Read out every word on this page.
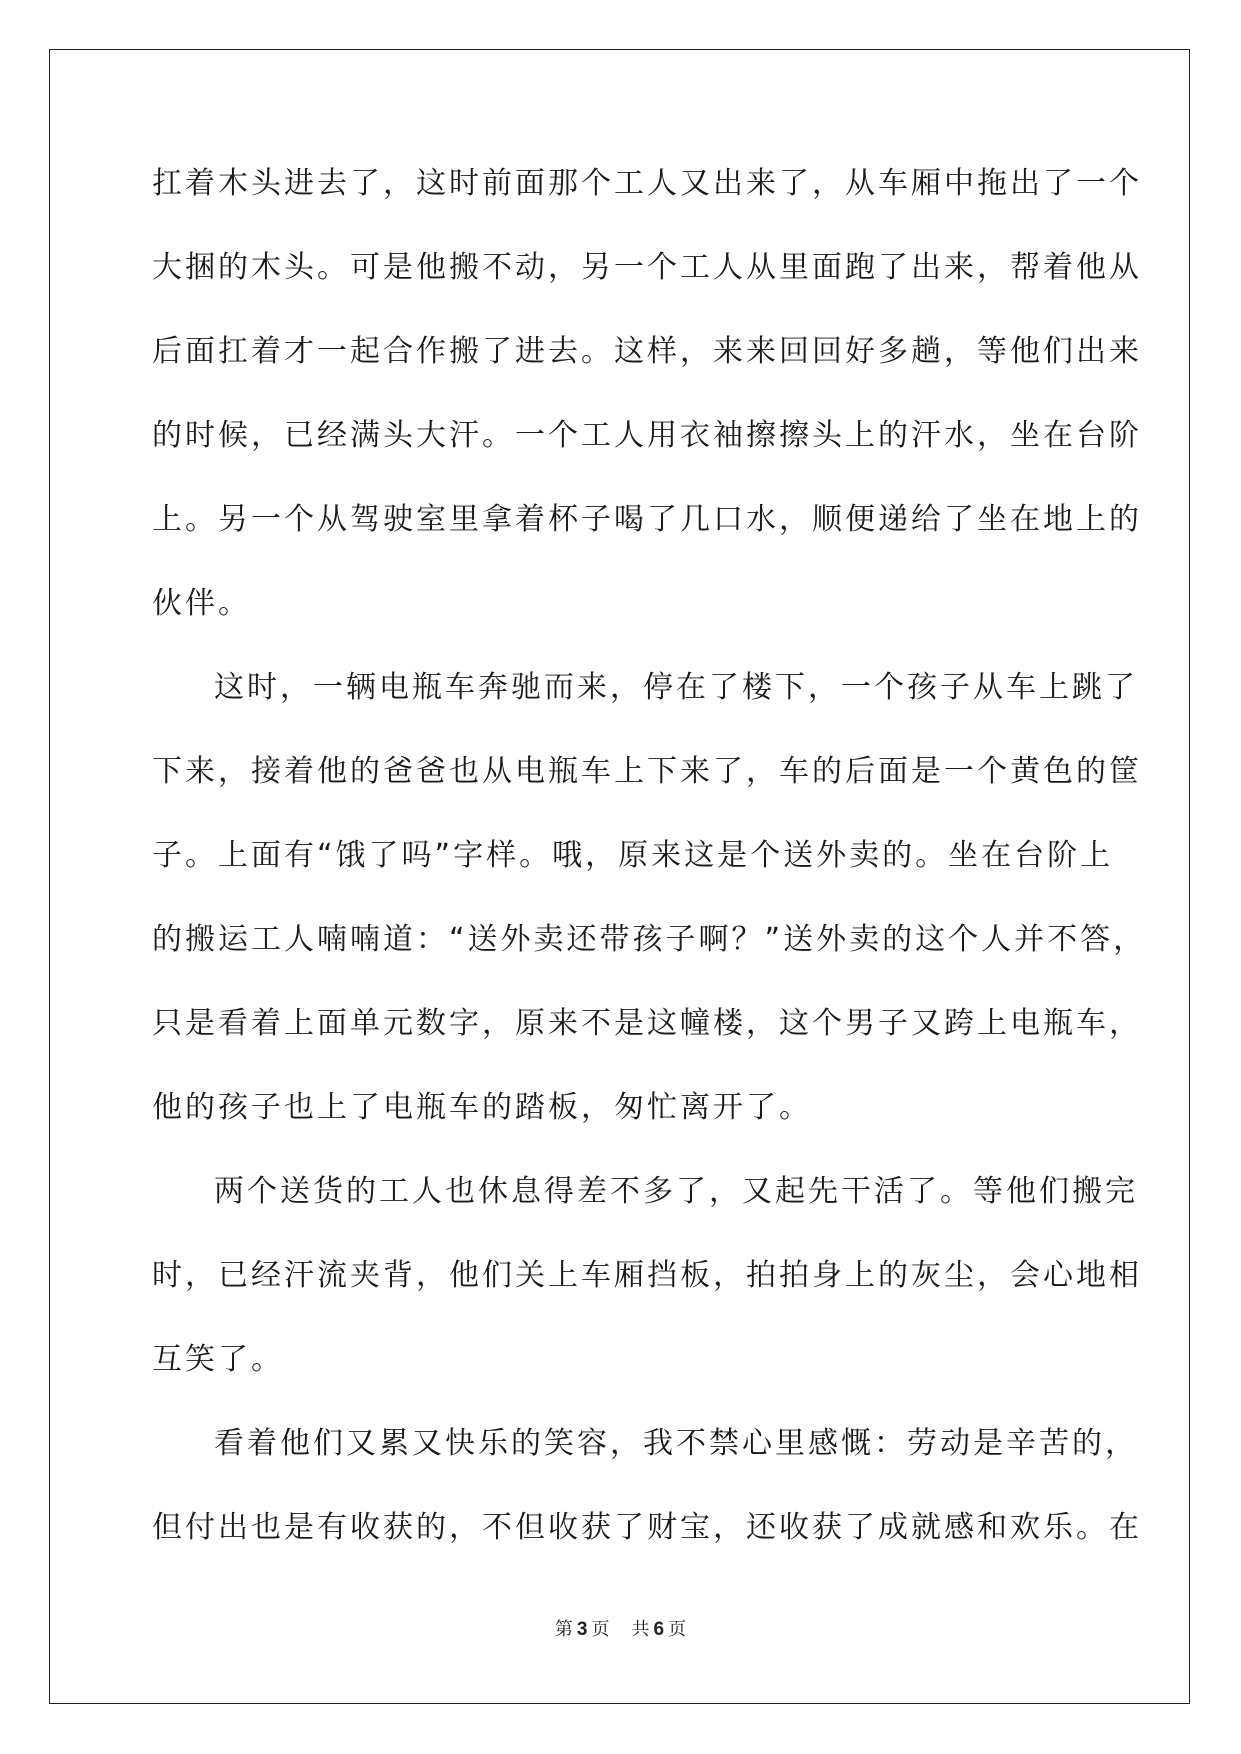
扛着木头进去了，这时前面那个工人又出来了，从车厢中拖出了一个
大捆的木头。可是他搬不动，另一个工人从里面跑了出来，帮着他从
后面扛着才一起合作搬了进去。这样，来来回回好多趟，等他们出来
的时候，已经满头大汗。一个工人用衣袖擦擦头上的汗水，坐在台阶
上。另一个从驾驶室里拿着杯子喝了几口水，顺便递给了坐在地上的
伙伴。
这时，一辆电瓶车奔驰而来，停在了楼下，一个孩子从车上跳了
下来，接着他的爸爸也从电瓶车上下来了，车的后面是一个黄色的筐
子。上面有“饿了吗”字样。哦，原来这是个送外卖的。坐在台阶上
的搬运工人喃喃道：“送外卖还带孩子啊？”送外卖的这个人并不答，
只是看着上面单元数字，原来不是这幢楼，这个男子又跨上电瓶车，
他的孩子也上了电瓶车的踏板，匆忙离开了。
两个送货的工人也休息得差不多了，又起先干活了。等他们搬完
时，已经汗流夹背，他们关上车厢挡板，拍拍身上的灰尘，会心地相
互笑了。
看着他们又累又快乐的笑容，我不禁心里感慨：劳动是辛苦的，
但付出也是有收获的，不但收获了财宝，还收获了成就感和欢乐。在
第 3 页 共 6 页
